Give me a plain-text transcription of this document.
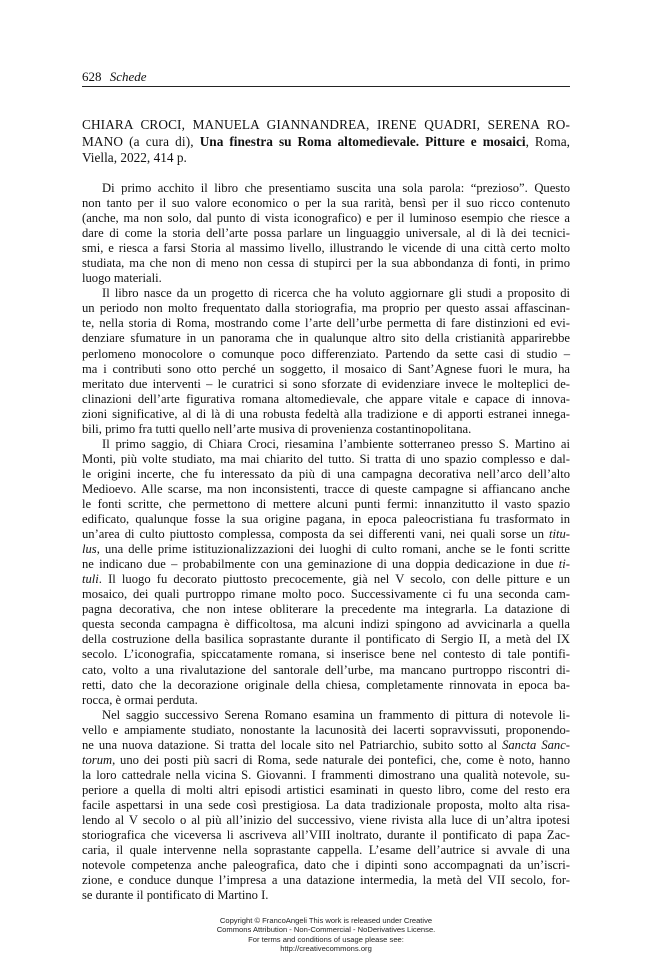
628 Schede
CHIARA CROCI, MANUELA GIANNANDREA, IRENE QUADRI, SERENA RO-MANO (a cura di), Una finestra su Roma altomedievale. Pitture e mosaici, Roma, Viella, 2022, 414 p.
Di primo acchito il libro che presentiamo suscita una sola parola: “prezioso”. Questo
non tanto per il suo valore economico o per la sua rarità, bensì per il suo ricco contenuto
(anche, ma non solo, dal punto di vista iconografico) e per il luminoso esempio che riesce a
dare di come la storia dell’arte possa parlare un linguaggio universale, al di là dei tecnici-
smi, e riesca a farsi Storia al massimo livello, illustrando le vicende di una città certo molto
studiata, ma che non di meno non cessa di stupirci per la sua abbondanza di fonti, in primo
luogo materiali.
Il libro nasce da un progetto di ricerca che ha voluto aggiornare gli studi a proposito di
un periodo non molto frequentato dalla storiografia, ma proprio per questo assai affascinan-
te, nella storia di Roma, mostrando come l’arte dell’urbe permetta di fare distinzioni ed evi-
denziare sfumature in un panorama che in qualunque altro sito della cristianità apparirebbe
perlomeno monocolore o comunque poco differenziato. Partendo da sette casi di studio –
ma i contributi sono otto perché un soggetto, il mosaico di Sant’Agnese fuori le mura, ha
meritato due interventi – le curatrici si sono sforzate di evidenziare invece le molteplici de-
clinazioni dell’arte figurativa romana altomedievale, che appare vitale e capace di innova-
zioni significative, al di là di una robusta fedeltà alla tradizione e di apporti estranei innega-
bili, primo fra tutti quello nell’arte musiva di provenienza costantinopolitana.
Il primo saggio, di Chiara Croci, riesamina l’ambiente sotterraneo presso S. Martino ai
Monti, più volte studiato, ma mai chiarito del tutto. Si tratta di uno spazio complesso e dal-
le origini incerte, che fu interessato da più di una campagna decorativa nell’arco dell’alto
Medioevo. Alle scarse, ma non inconsistenti, tracce di queste campagne si affiancano anche
le fonti scritte, che permettono di mettere alcuni punti fermi: innanzitutto il vasto spazio
edificato, qualunque fosse la sua origine pagana, in epoca paleocristiana fu trasformato in
un’area di culto piuttosto complessa, composta da sei differenti vani, nei quali sorse un titu-
lus, una delle prime istituzionalizzazioni dei luoghi di culto romani, anche se le fonti scritte
ne indicano due – probabilmente con una geminazione di una doppia dedicazione in due ti-
tuli. Il luogo fu decorato piuttosto precocemente, già nel V secolo, con delle pitture e un
mosaico, dei quali purtroppo rimane molto poco. Successivamente ci fu una seconda cam-
pagna decorativa, che non intese obliterare la precedente ma integrarla. La datazione di
questa seconda campagna è difficoltosa, ma alcuni indizi spingono ad avvicinarla a quella
della costruzione della basilica soprastante durante il pontificato di Sergio II, a metà del IX
secolo. L’iconografia, spiccatamente romana, si inserisce bene nel contesto di tale pontifi-
cato, volto a una rivalutazione del santorale dell’urbe, ma mancano purtroppo riscontri di-
retti, dato che la decorazione originale della chiesa, completamente rinnovata in epoca ba-
rocca, è ormai perduta.
Nel saggio successivo Serena Romano esamina un frammento di pittura di notevole li-
vello e ampiamente studiato, nonostante la lacunosità dei lacerti sopravvissuti, proponendo-
ne una nuova datazione. Si tratta del locale sito nel Patriarchio, subito sotto al Sancta Sanc-
torum, uno dei posti più sacri di Roma, sede naturale dei pontefici, che, come è noto, hanno
la loro cattedrale nella vicina S. Giovanni. I frammenti dimostrano una qualità notevole, su-
periore a quella di molti altri episodi artistici esaminati in questo libro, come del resto era
facile aspettarsi in una sede così prestigiosa. La data tradizionale proposta, molto alta risa-
lendo al V secolo o al più all’inizio del successivo, viene rivista alla luce di un’altra ipotesi
storiografica che viceversa li ascriveva all’VIII inoltrato, durante il pontificato di papa Zac-
caria, il quale intervenne nella soprastante cappella. L’esame dell’autrice si avvale di una
notevole competenza anche paleografica, dato che i dipinti sono accompagnati da un’iscri-
zione, e conduce dunque l’impresa a una datazione intermedia, la metà del VII secolo, for-
se durante il pontificato di Martino I.
Copyright © FrancoAngeli This work is released under Creative
Commons Attribution - Non-Commercial - NoDerivatives License.
For terms and conditions of usage please see:
http://creativecommons.org
